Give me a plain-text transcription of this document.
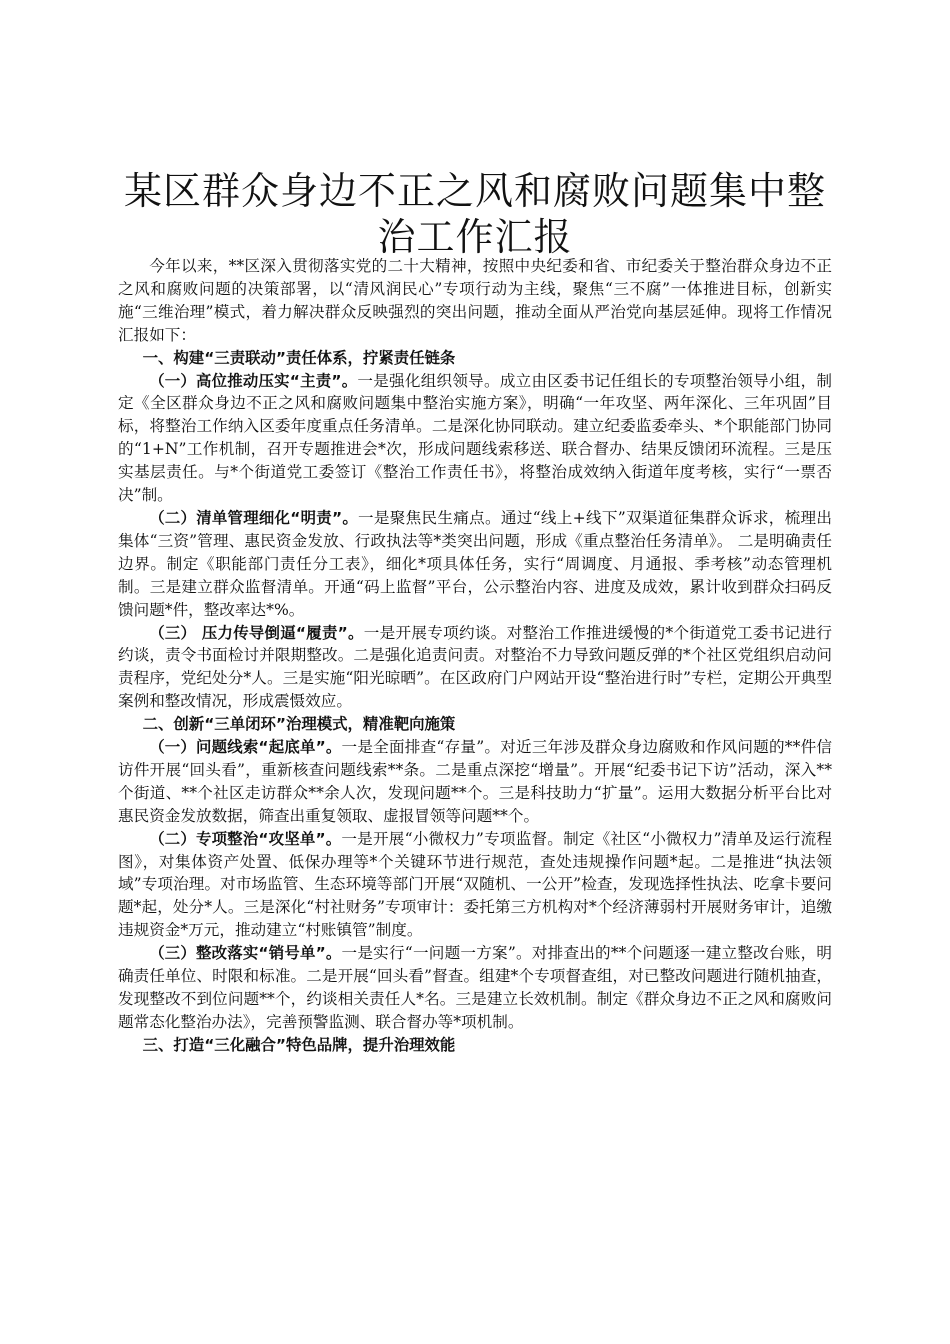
某区群众身边不正之风和腐败问题集中整治工作汇报

今年以来，**区深入贯彻落实党的二十大精神，按照中央纪委和省、市纪委关于整治群众身边不正之风和腐败问题的决策部署，以“清风润民心”专项行动为主线，聚焦“三不腐”一体推进目标，创新实施“三维治理”模式，着力解决群众反映强烈的突出问题，推动全面从严治党向基层延伸。现将工作情况汇报如下：

一、构建“三责联动”责任体系，拧紧责任链条

（一）高位推动压实“主责”。一是强化组织领导。成立由区委书记任组长的专项整治领导小组，制定《全区群众身边不正之风和腐败问题集中整治实施方案》，明确“一年攻坚、两年深化、三年巩固”目标，将整治工作纳入区委年度重点任务清单。二是深化协同联动。建立纪委监委牵头、*个职能部门协同的“1+N”工作机制，召开专题推进会*次，形成问题线索移送、联合督办、结果反馈闭环流程。三是压实基层责任。与*个街道党工委签订《整治工作责任书》，将整治成效纳入街道年度考核，实行“一票否决”制。

（二）清单管理细化“明责”。一是聚焦民生痛点。通过“线上+线下”双渠道征集群众诉求，梳理出集体“三资”管理、惠民资金发放、行政执法等*类突出问题，形成《重点整治任务清单》。 二是明确责任边界。制定《职能部门责任分工表》，细化*项具体任务，实行“周调度、月通报、季考核”动态管理机制。三是建立群众监督清单。开通“码上监督”平台，公示整治内容、进度及成效，累计收到群众扫码反馈问题*件，整改率达*%。

（三） 压力传导倒逼“履责”。一是开展专项约谈。对整治工作推进缓慢的*个街道党工委书记进行约谈，责令书面检讨并限期整改。二是强化追责问责。对整治不力导致问题反弹的*个社区党组织启动问责程序，党纪处分*人。三是实施“阳光晾晒”。在区政府门户网站开设“整治进行时”专栏，定期公开典型案例和整改情况，形成震慑效应。

二、创新“三单闭环”治理模式，精准靶向施策

（一）问题线索“起底单”。一是全面排查“存量”。对近三年涉及群众身边腐败和作风问题的**件信访件开展“回头看”，重新核查问题线索**条。二是重点深挖“增量”。开展“纪委书记下访”活动，深入**个街道、**个社区走访群众**余人次，发现问题**个。三是科技助力“扩量”。运用大数据分析平台比对惠民资金发放数据，筛查出重复领取、虚报冒领等问题**个。

（二）专项整治“攻坚单”。一是开展“小微权力”专项监督。制定《社区“小微权力”清单及运行流程图》，对集体资产处置、低保办理等*个关键环节进行规范，查处违规操作问题*起。二是推进“执法领域”专项治理。对市场监管、生态环境等部门开展“双随机、一公开”检查，发现选择性执法、吃拿卡要问题*起，处分*人。三是深化“村社财务”专项审计：委托第三方机构对*个经济薄弱村开展财务审计，追缴违规资金*万元，推动建立“村账镇管”制度。

（三）整改落实“销号单”。一是实行“一问题一方案”。对排查出的**个问题逐一建立整改台账，明确责任单位、时限和标准。二是开展“回头看”督查。组建*个专项督查组，对已整改问题进行随机抽查，发现整改不到位问题**个，约谈相关责任人*名。三是建立长效机制。制定《群众身边不正之风和腐败问题常态化整治办法》，完善预警监测、联合督办等*项机制。

三、打造“三化融合”特色品牌，提升治理效能
